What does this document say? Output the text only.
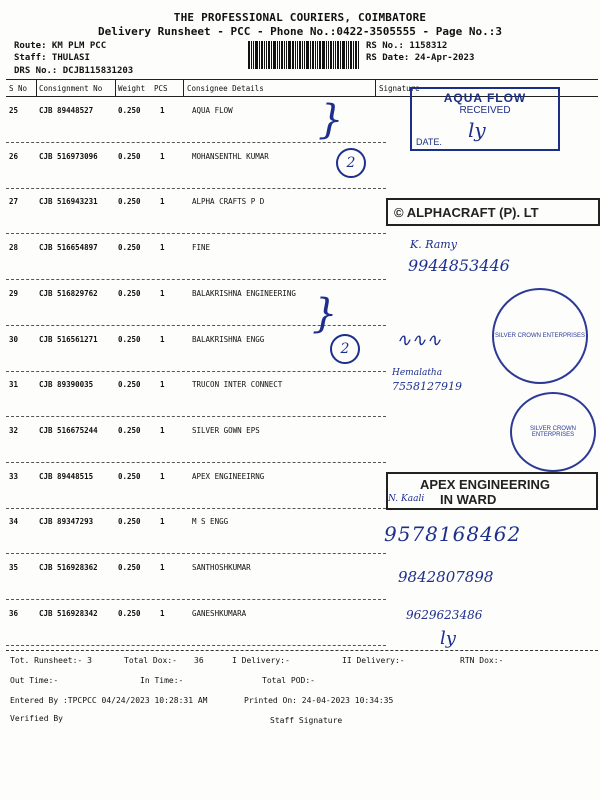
THE PROFESSIONAL COURIERS, COIMBATORE
Delivery Runsheet - PCC - Phone No.:0422-3505555 - Page No.:3
Route: KM PLM PCC
Staff: THULASI
DRS No.: DCJB115831203
RS No.: 1158312
RS Date: 24-Apr-2023
S No Consignment No Weight PCS	Consignee Details	Signature
25	CJB 89448527	0.250	1	AQUA FLOW
26	CJB 516973096	0.250	1	MOHANSENTHL KUMAR
27	CJB 516943231	0.250	1	ALPHA CRAFTS P D
28	CJB 516654897	0.250	1	FINE
29	CJB 516829762	0.250	1	BALAKRISHNA ENGINEERING
30	CJB 516561271	0.250	1	BALAKRISHNA ENGG
31	CJB 89390035	0.250	1	TRUCON INTER CONNECT
32	CJB 516675244	0.250	1	SILVER GOWN EPS
33	CJB 89448515	0.250	1	APEX ENGINEEIRNG
34	CJB 89347293	0.250	1	M S ENGG
35	CJB 516928362	0.250	1	SANTHOSHKUMAR
36	CJB 516928342	0.250	1	GANESHKUMARA
AQUA FLOW
RECEIVED
DATE. ly
}
2
© ALPHACRAFT (P). LT
K. Ramy
9944853446
}
2
SILVER CROWN ENTERPRISES
∿∿∿
Hemalatha
7558127919
SILVER CROWN ENTERPRISES
APEX ENGINEERING
IN WARD
N. Kaali
9578168462
9842807898
9629623486
ly
Tot. Runsheet:- 3	Total Dox:- 36	I Delivery:-	II Delivery:-	RTN Dox:-
Out Time:-	In Time:-	Total POD:-
Entered By :TPCPCC 04/24/2023 10:28:31 AM	Printed On: 24-04-2023 10:34:35
Verified By	Staff Signature
